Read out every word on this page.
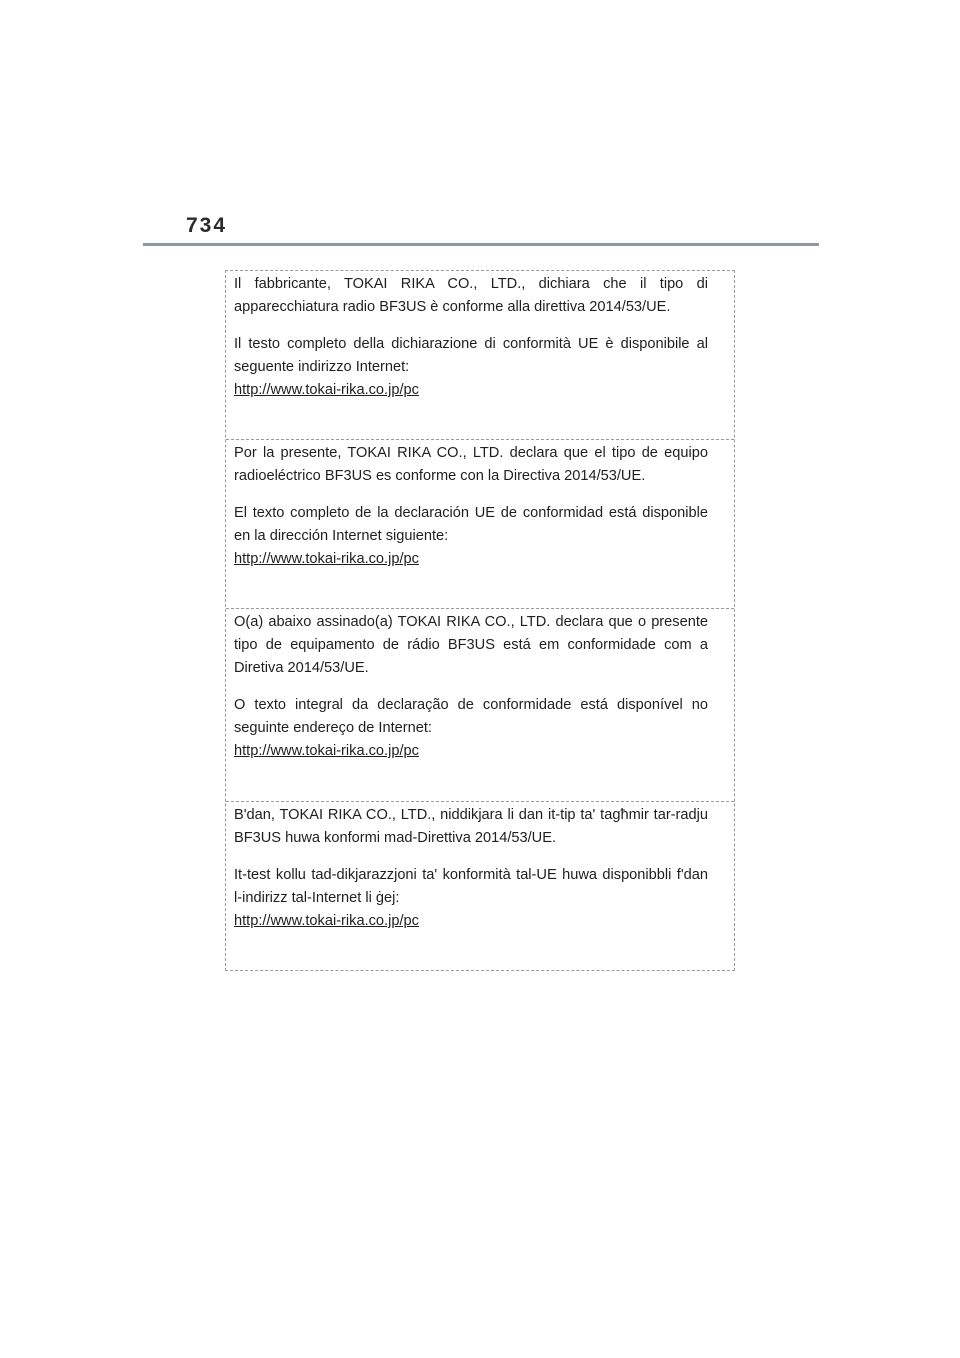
734

Il fabbricante, TOKAI RIKA CO., LTD., dichiara che il tipo di apparecchiatura radio BF3US è conforme alla direttiva 2014/53/UE.

Il testo completo della dichiarazione di conformità UE è disponibile al seguente indirizzo Internet:
http://www.tokai-rika.co.jp/pc

Por la presente, TOKAI RIKA CO., LTD. declara que el tipo de equipo radioeléctrico BF3US es conforme con la Directiva 2014/53/UE.

El texto completo de la declaración UE de conformidad está disponible en la dirección Internet siguiente:
http://www.tokai-rika.co.jp/pc

O(a) abaixo assinado(a) TOKAI RIKA CO., LTD. declara que o presente tipo de equipamento de rádio BF3US está em conformidade com a Diretiva 2014/53/UE.

O texto integral da declaração de conformidade está disponível no seguinte endereço de Internet:
http://www.tokai-rika.co.jp/pc

B'dan, TOKAI RIKA CO., LTD., niddikjara li dan it-tip ta' tagħmir tar-radju BF3US huwa konformi mad-Direttiva 2014/53/UE.

It-test kollu tad-dikjarazzjoni ta' konformità tal-UE huwa disponibbli f'dan l-indirizz tal-Internet li ġej:
http://www.tokai-rika.co.jp/pc
